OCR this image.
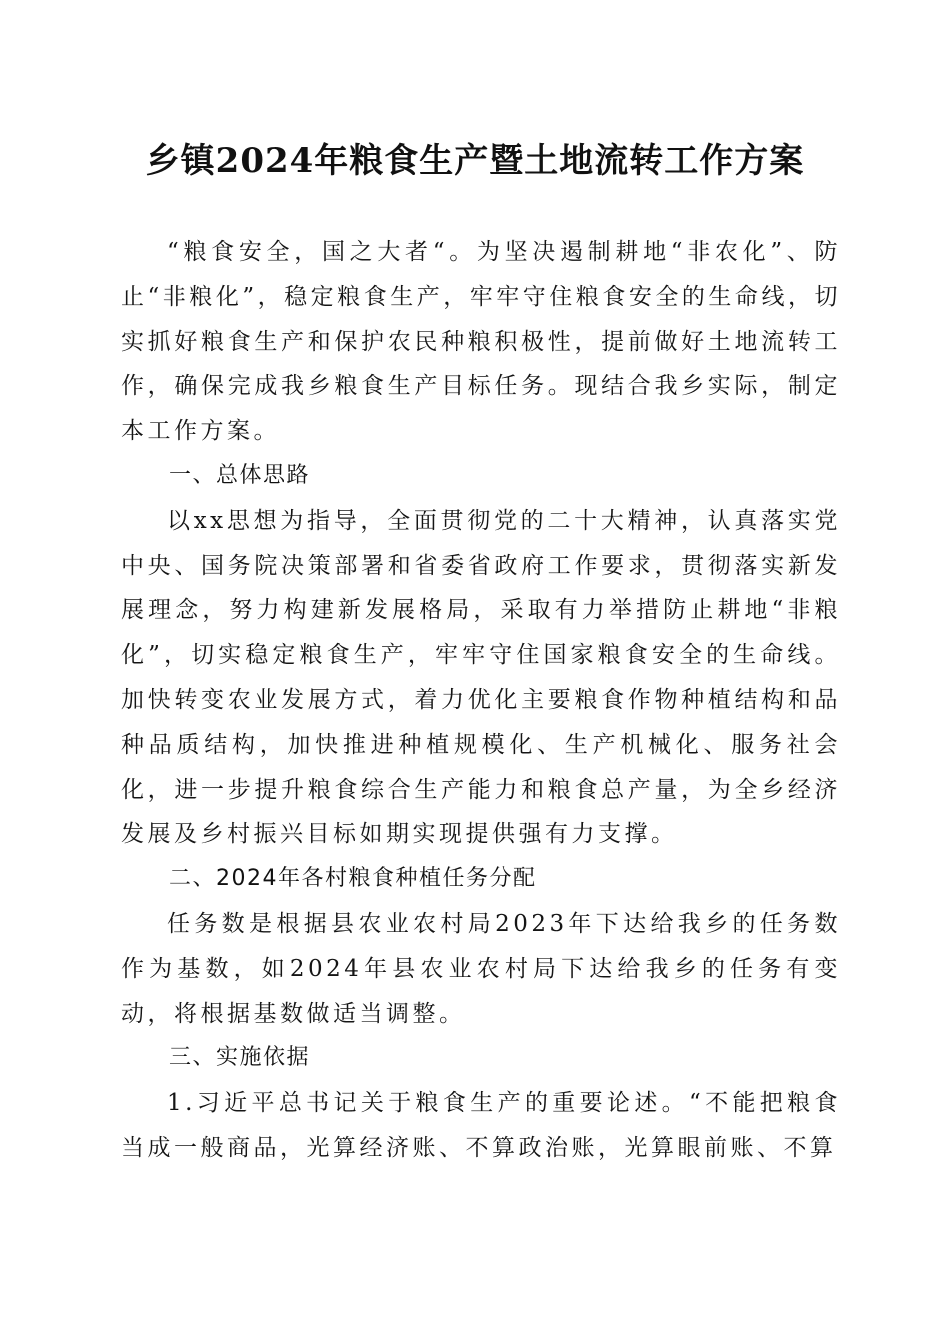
乡镇2024年粮食生产暨土地流转工作方案

“粮食安全，国之大者“。为坚决遏制耕地“非农化”、防止“非粮化”，稳定粮食生产，牢牢守住粮食安全的生命线，切实抓好粮食生产和保护农民种粮积极性，提前做好土地流转工作，确保完成我乡粮食生产目标任务。现结合我乡实际，制定本工作方案。

一、总体思路

以xx思想为指导，全面贯彻党的二十大精神，认真落实党中央、国务院决策部署和省委省政府工作要求，贯彻落实新发展理念，努力构建新发展格局，采取有力举措防止耕地“非粮化”，切实稳定粮食生产，牢牢守住国家粮食安全的生命线。加快转变农业发展方式，着力优化主要粮食作物种植结构和品种品质结构，加快推进种植规模化、生产机械化、服务社会化，进一步提升粮食综合生产能力和粮食总产量，为全乡经济发展及乡村振兴目标如期实现提供强有力支撑。

二、2024年各村粮食种植任务分配

任务数是根据县农业农村局2023年下达给我乡的任务数作为基数，如2024年县农业农村局下达给我乡的任务有变动，将根据基数做适当调整。

三、实施依据

1.习近平总书记关于粮食生产的重要论述。“不能把粮食当成一般商品，光算经济账、不算政治账，光算眼前账、不算
